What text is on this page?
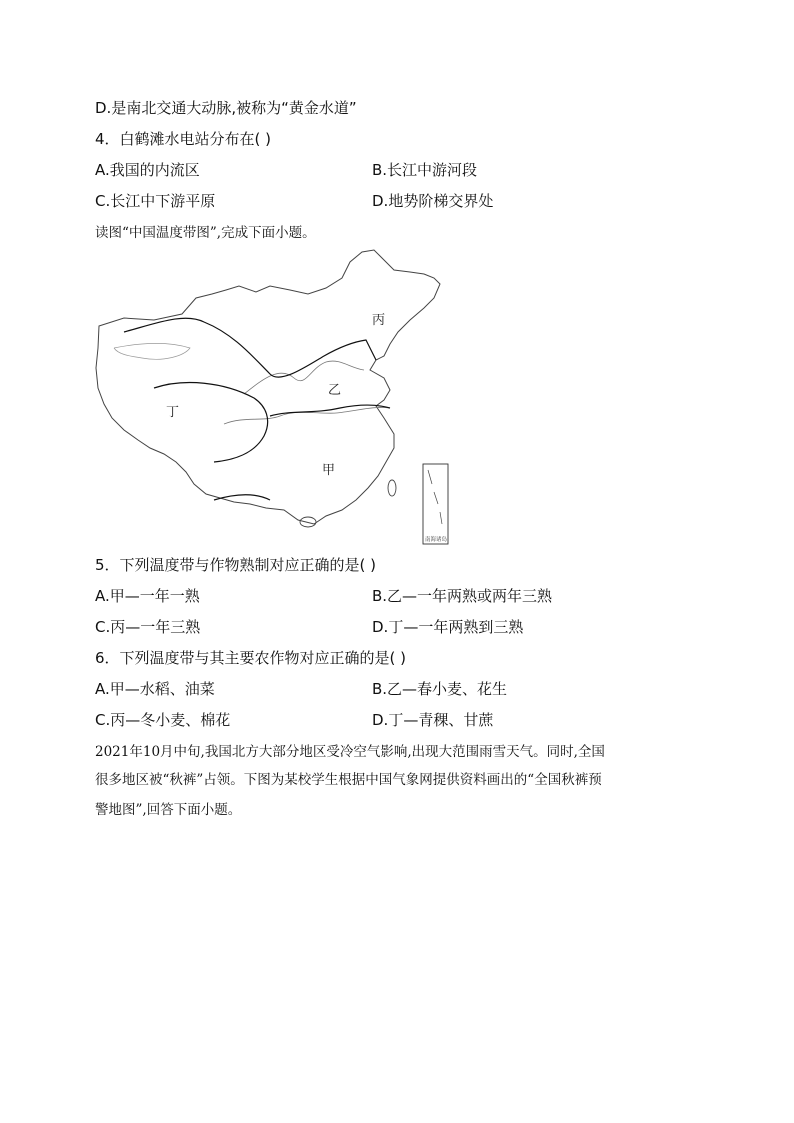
D.是南北交通大动脉,被称为“黄金水道”
4．白鹤滩水电站分布在( )
A.我国的内流区	B.长江中游河段
C.长江中下游平原	D.地势阶梯交界处
读图“中国温度带图”,完成下面小题。
丙
乙
丁
甲
南海诸岛
5．下列温度带与作物熟制对应正确的是( )
A.甲—一年一熟	B.乙—一年两熟或两年三熟
C.丙—一年三熟	D.丁—一年两熟到三熟
6．下列温度带与其主要农作物对应正确的是( )
A.甲—水稻、油菜	B.乙—春小麦、花生
C.丙—冬小麦、棉花	D.丁—青稞、甘蔗
2021年10月中旬,我国北方大部分地区受冷空气影响,出现大范围雨雪天气。同时,全国
很多地区被“秋裤”占领。下图为某校学生根据中国气象网提供资料画出的“全国秋裤预
警地图”,回答下面小题。
